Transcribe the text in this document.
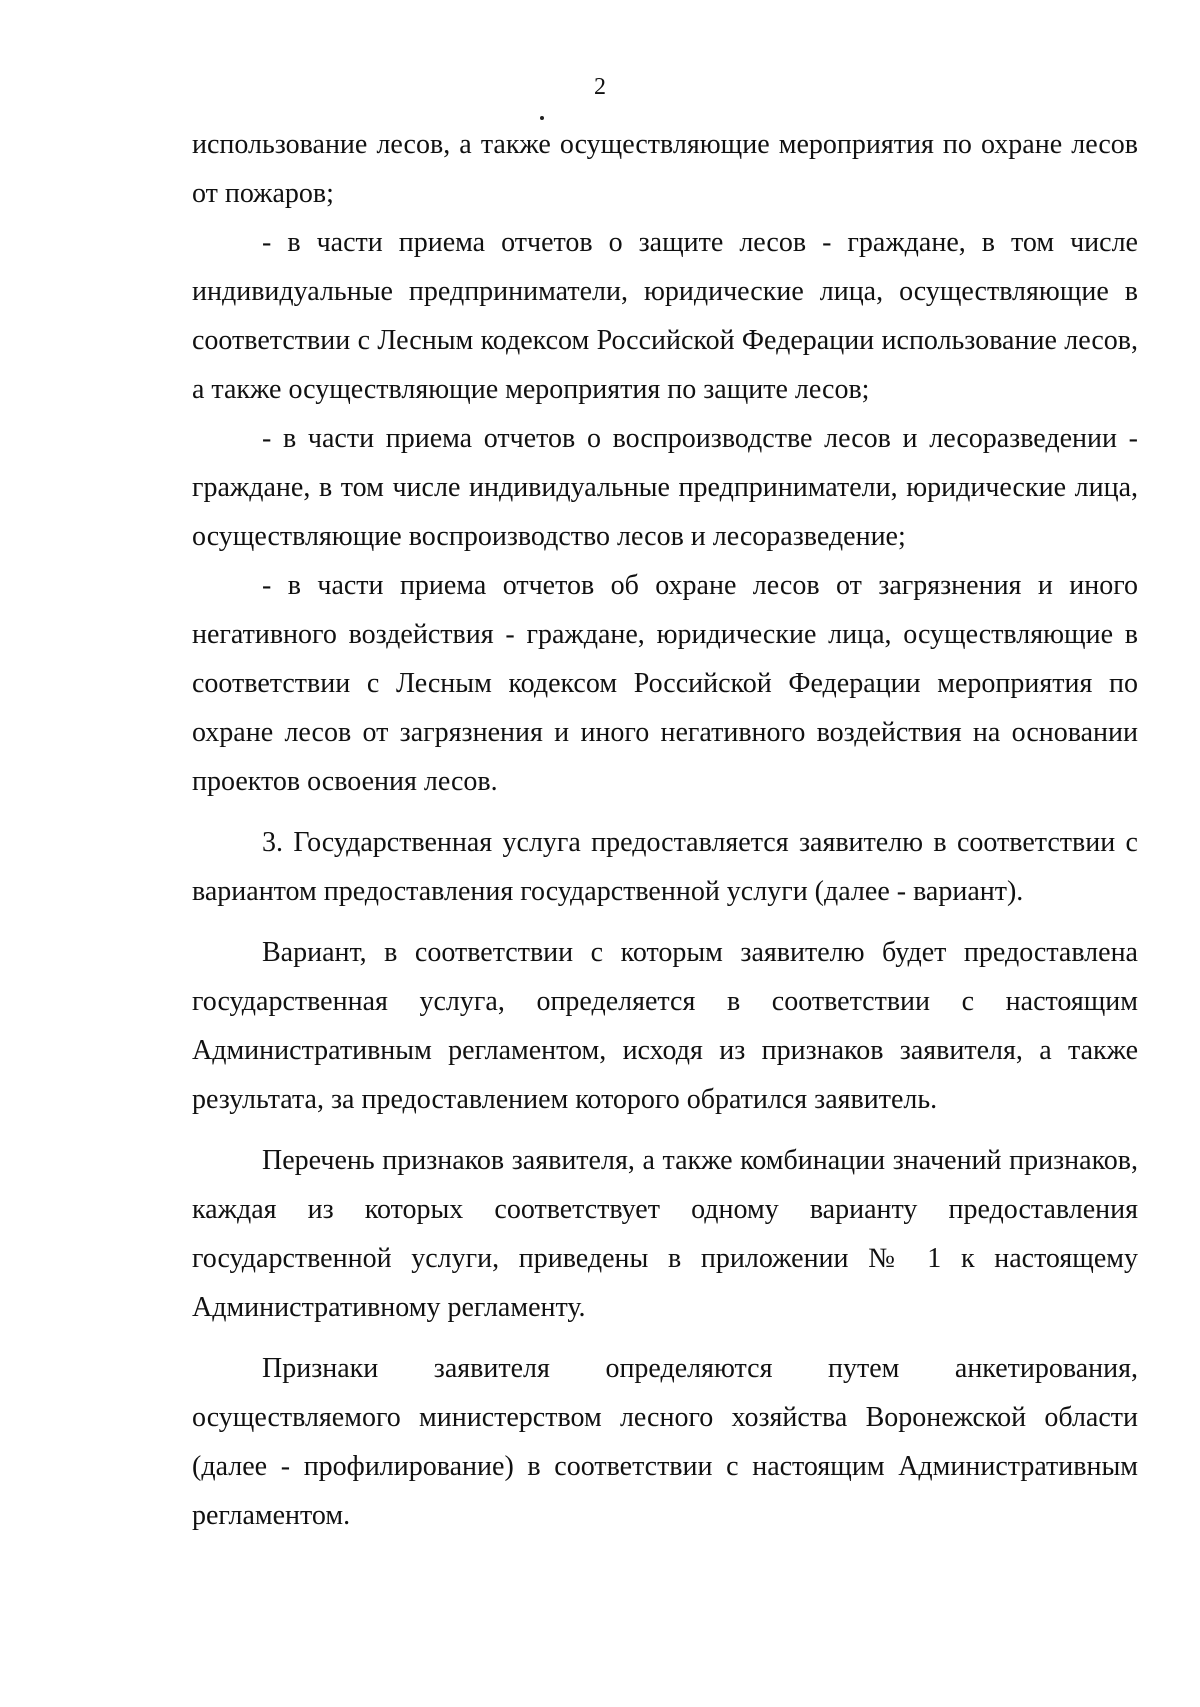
2

использование лесов, а также осуществляющие мероприятия по охране лесов от пожаров;

- в части приема отчетов о защите лесов - граждане, в том числе индивидуальные предприниматели, юридические лица, осуществляющие в соответствии с Лесным кодексом Российской Федерации использование лесов, а также осуществляющие мероприятия по защите лесов;

- в части приема отчетов о воспроизводстве лесов и лесоразведении - граждане, в том числе индивидуальные предприниматели, юридические лица, осуществляющие воспроизводство лесов и лесоразведение;

- в части приема отчетов об охране лесов от загрязнения и иного негативного воздействия - граждане, юридические лица, осуществляющие в соответствии с Лесным кодексом Российской Федерации мероприятия по охране лесов от загрязнения и иного негативного воздействия на основании проектов освоения лесов.

3. Государственная услуга предоставляется заявителю в соответствии с вариантом предоставления государственной услуги (далее - вариант).

Вариант, в соответствии с которым заявителю будет предоставлена государственная услуга, определяется в соответствии с настоящим Административным регламентом, исходя из признаков заявителя, а также результата, за предоставлением которого обратился заявитель.

Перечень признаков заявителя, а также комбинации значений признаков, каждая из которых соответствует одному варианту предоставления государственной услуги, приведены в приложении № 1 к настоящему Административному регламенту.

Признаки заявителя определяются путем анкетирования, осуществляемого министерством лесного хозяйства Воронежской области (далее - профилирование) в соответствии с настоящим Административным регламентом.
